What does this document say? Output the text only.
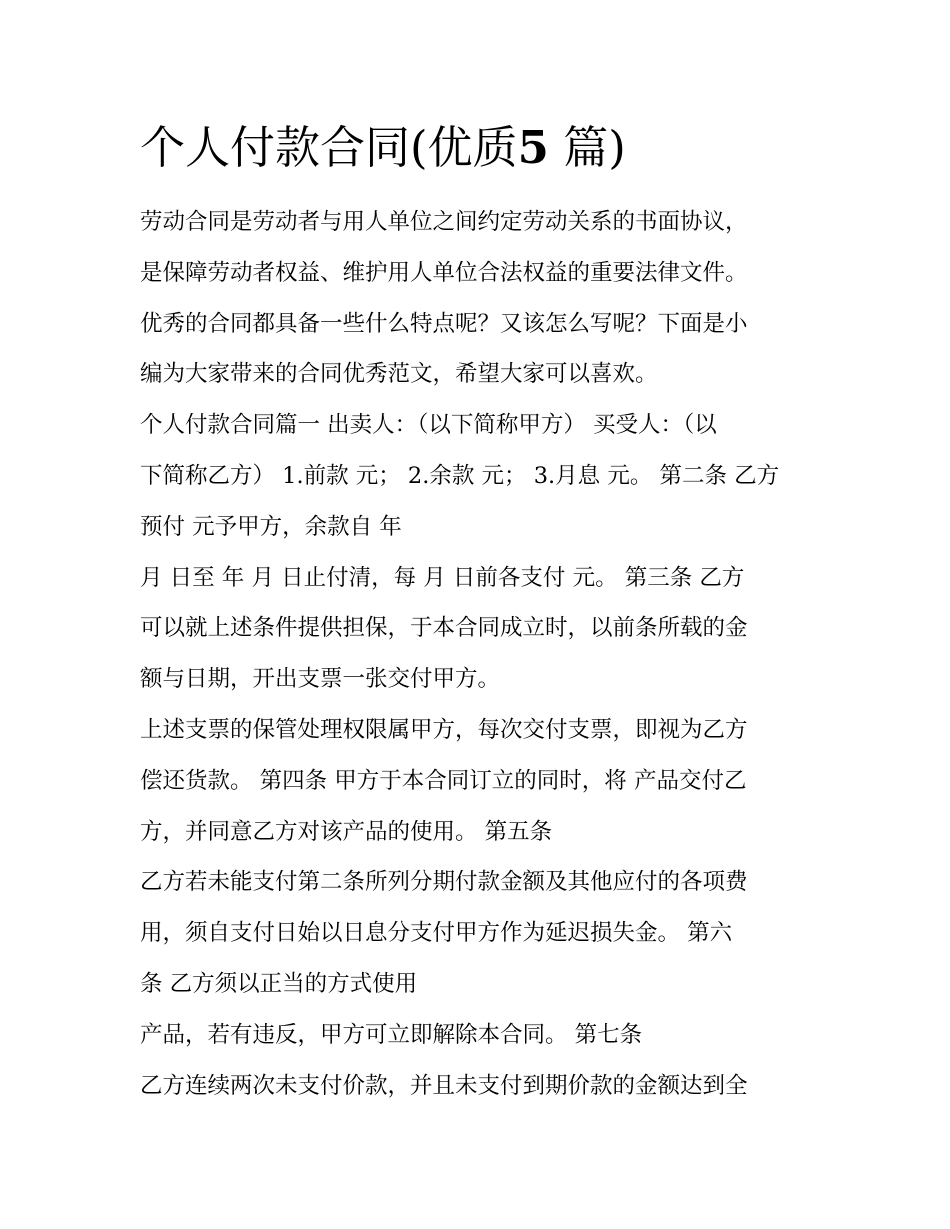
个人付款合同(优质5 篇)
劳动合同是劳动者与用人单位之间约定劳动关系的书面协议，
是保障劳动者权益、维护用人单位合法权益的重要法律文件。
优秀的合同都具备一些什么特点呢？又该怎么写呢？下面是小
编为大家带来的合同优秀范文，希望大家可以喜欢。
个人付款合同篇一 出卖人：（以下简称甲方） 买受人：（以
下简称乙方） 1.前款 元； 2.余款 元； 3.月息 元。 第二条 乙方
预付 元予甲方，余款自 年
月 日至 年 月 日止付清，每 月 日前各支付 元。 第三条 乙方
可以就上述条件提供担保，于本合同成立时，以前条所载的金
额与日期，开出支票一张交付甲方。
上述支票的保管处理权限属甲方，每次交付支票，即视为乙方
偿还货款。 第四条 甲方于本合同订立的同时，将 产品交付乙
方，并同意乙方对该产品的使用。 第五条
乙方若未能支付第二条所列分期付款金额及其他应付的各项费
用，须自支付日始以日息分支付甲方作为延迟损失金。 第六
条 乙方须以正当的方式使用
产品，若有违反，甲方可立即解除本合同。 第七条
乙方连续两次未支付价款，并且未支付到期价款的金额达到全
